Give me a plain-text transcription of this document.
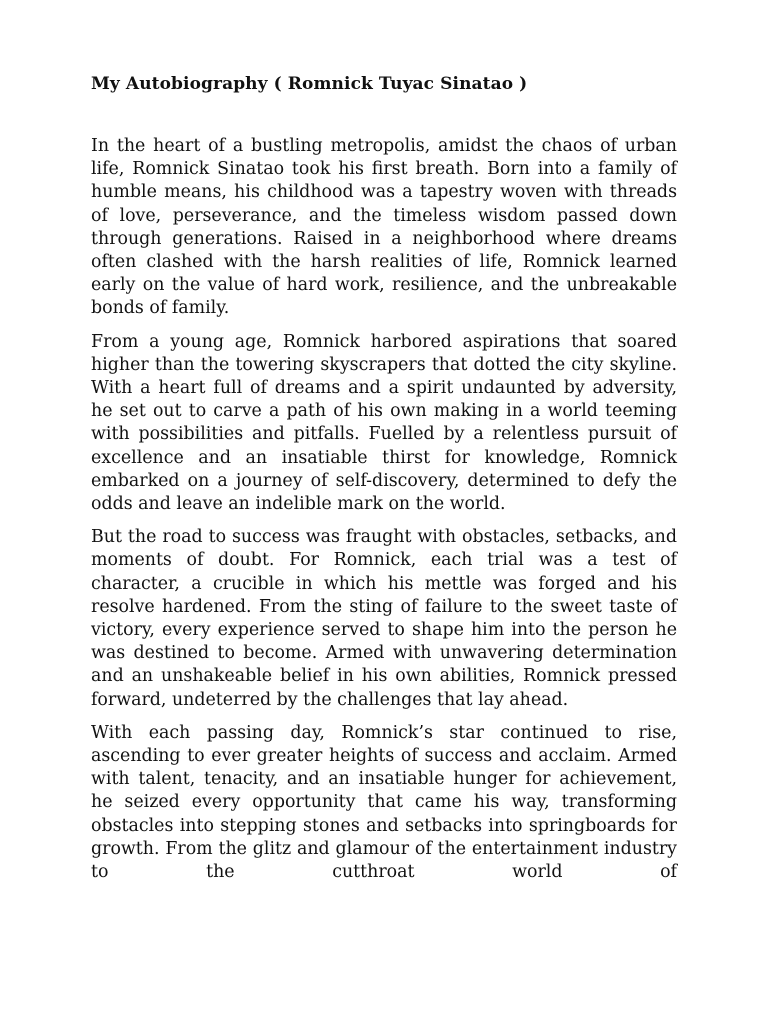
My Autobiography ( Romnick Tuyac Sinatao )

In the heart of a bustling metropolis, amidst the chaos of urban life, Romnick Sinatao took his first breath. Born into a family of humble means, his childhood was a tapestry woven with threads of love, perseverance, and the timeless wisdom passed down through generations. Raised in a neighborhood where dreams often clashed with the harsh realities of life, Romnick learned early on the value of hard work, resilience, and the unbreakable bonds of family.

From a young age, Romnick harbored aspirations that soared higher than the towering skyscrapers that dotted the city skyline. With a heart full of dreams and a spirit undaunted by adversity, he set out to carve a path of his own making in a world teeming with possibilities and pitfalls. Fuelled by a relentless pursuit of excellence and an insatiable thirst for knowledge, Romnick embarked on a journey of self-discovery, determined to defy the odds and leave an indelible mark on the world.

But the road to success was fraught with obstacles, setbacks, and moments of doubt. For Romnick, each trial was a test of character, a crucible in which his mettle was forged and his resolve hardened. From the sting of failure to the sweet taste of victory, every experience served to shape him into the person he was destined to become. Armed with unwavering determination and an unshakeable belief in his own abilities, Romnick pressed forward, undeterred by the challenges that lay ahead.

With each passing day, Romnick’s star continued to rise, ascending to ever greater heights of success and acclaim. Armed with talent, tenacity, and an insatiable hunger for achievement, he seized every opportunity that came his way, transforming obstacles into stepping stones and setbacks into springboards for growth. From the glitz and glamour of the entertainment industry to the cutthroat world of
